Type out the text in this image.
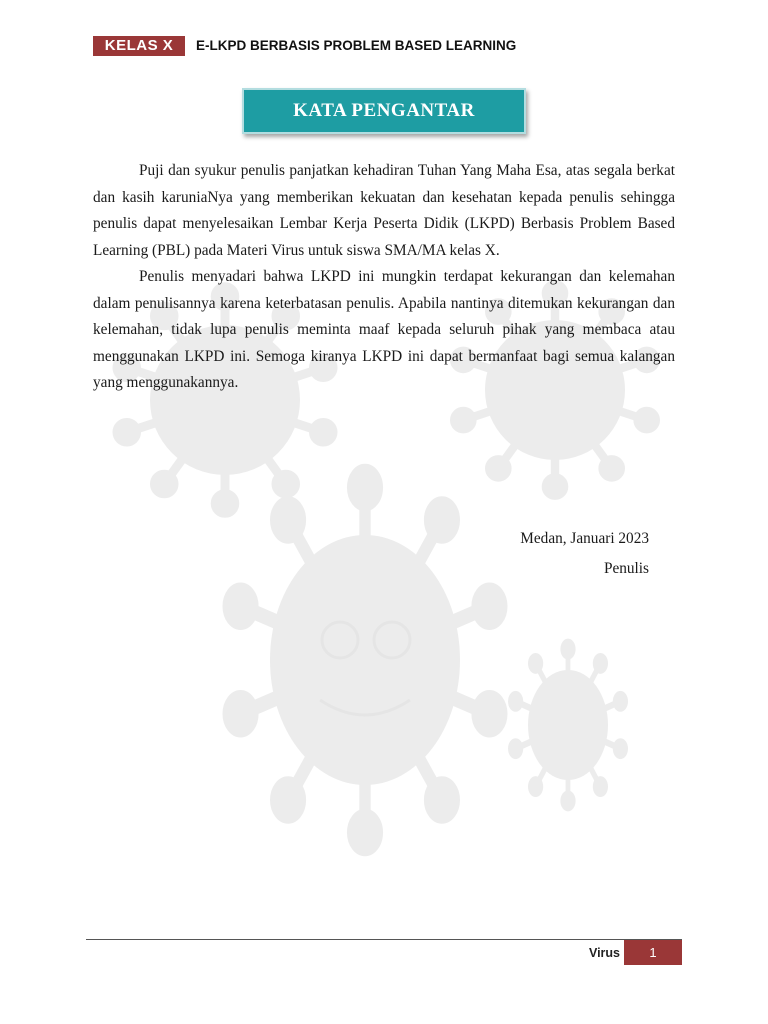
KELAS X	E-LKPD BERBASIS PROBLEM BASED LEARNING
KATA PENGANTAR

Puji dan syukur penulis panjatkan kehadiran Tuhan Yang Maha Esa, atas segala berkat dan kasih karuniaNya yang memberikan kekuatan dan kesehatan kepada penulis sehingga penulis dapat menyelesaikan Lembar Kerja Peserta Didik (LKPD) Berbasis Problem Based Learning (PBL) pada Materi Virus untuk siswa SMA/MA kelas X.

Penulis menyadari bahwa LKPD ini mungkin terdapat kekurangan dan kelemahan dalam penulisannya karena keterbatasan penulis. Apabila nantinya ditemukan kekurangan dan kelemahan, tidak lupa penulis meminta maaf kepada seluruh pihak yang membaca atau menggunakan LKPD ini. Semoga kiranya LKPD ini dapat bermanfaat bagi semua kalangan yang menggunakannya.

Medan, Januari 2023
Penulis
Virus	1
